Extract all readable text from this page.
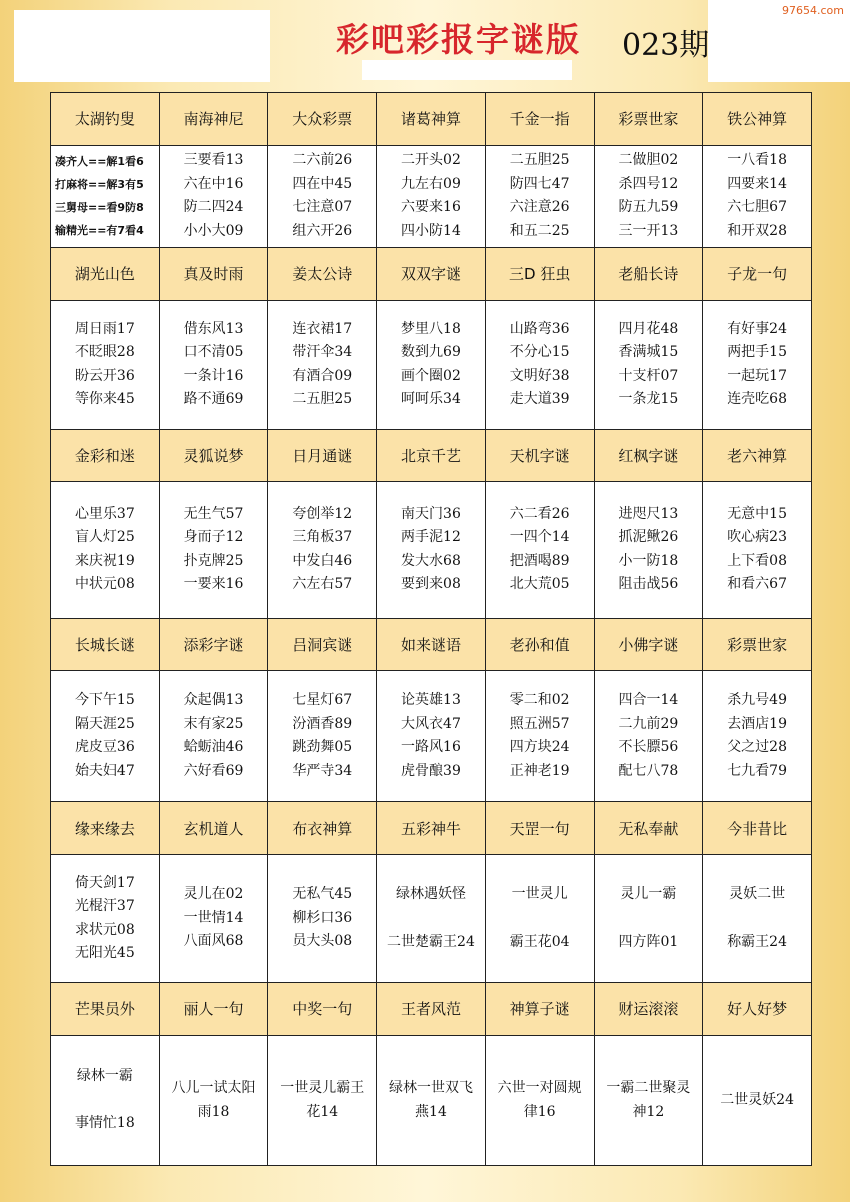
彩吧彩报字谜版 023期
97654.com
太湖钓叟	南海神尼	大众彩票	诸葛神算	千金一指	彩票世家	铁公神算

凑齐人==解1看6
打麻将==解3有5
三舅母==看9防8
输精光==有7看4	三要看13
六在中16
防二四24
小小大09	二六前26
四在中45
七注意07
组六开26	二开头02
九左右09
六要来16
四小防14	二五胆25
防四七47
六注意26
和五二25	二做胆02
杀四号12
防五九59
三一开13	一八看18
四要来14
六七胆67
和开双28

湖光山色	真及时雨	姜太公诗	双双字谜	三D 狂虫	老船长诗	子龙一句

周日雨17
不眨眼28
盼云开36
等你来45	借东风13
口不清05
一条计16
路不通69	连衣裙17
带汗伞34
有酒合09
二五胆25	梦里八18
数到九69
画个圈02
呵呵乐34	山路弯36
不分心15
文明好38
走大道39	四月花48
香满城15
十支杆07
一条龙15	有好事24
两把手15
一起玩17
连壳吃68

金彩和迷	灵狐说梦	日月通谜	北京千艺	天机字谜	红枫字谜	老六神算

心里乐37
盲人灯25
来庆祝19
中状元08	无生气57
身而子12
扑克牌25
一要来16	夸创举12
三角板37
中发白46
六左右57	南天门36
两手泥12
发大水68
要到来08	六二看26
一四个14
把酒喝89
北大荒05	进咫尺13
抓泥鳅26
小一防18
阻击战56	无意中15
吹心病23
上下看08
和看六67

长城长谜	添彩字谜	吕洞宾谜	如来谜语	老孙和值	小佛字谜	彩票世家

今下午15
隔天涯25
虎皮豆36
始夫妇47	众起偶13
末有家25
蛤蛎油46
六好看69	七星灯67
汾酒香89
跳劲舞05
华严寺34	论英雄13
大风衣47
一路风16
虎骨酿39	零二和02
照五洲57
四方块24
正神老19	四合一14
二九前29
不长膘56
配七八78	杀九号49
去酒店19
父之过28
七九看79

缘来缘去	玄机道人	布衣神算	五彩神牛	天罡一句	无私奉献	今非昔比

倚天剑17
光棍汗37
求状元08
无阳光45	灵儿在02
一世情14
八面风68	无私气45
柳杉口36
员大头08	绿林遇妖怪
二世楚霸王24	一世灵儿
霸王花04	灵儿一霸
四方阵01	灵妖二世
称霸王24

芒果员外	丽人一句	中奖一句	王者风范	神算子谜	财运滚滚	好人好梦

绿林一霸
事情忙18	八儿一试太阳雨18	一世灵儿霸王花14	绿林一世双飞燕14	六世一对圆规律16	一霸二世聚灵神12	二世灵妖24
